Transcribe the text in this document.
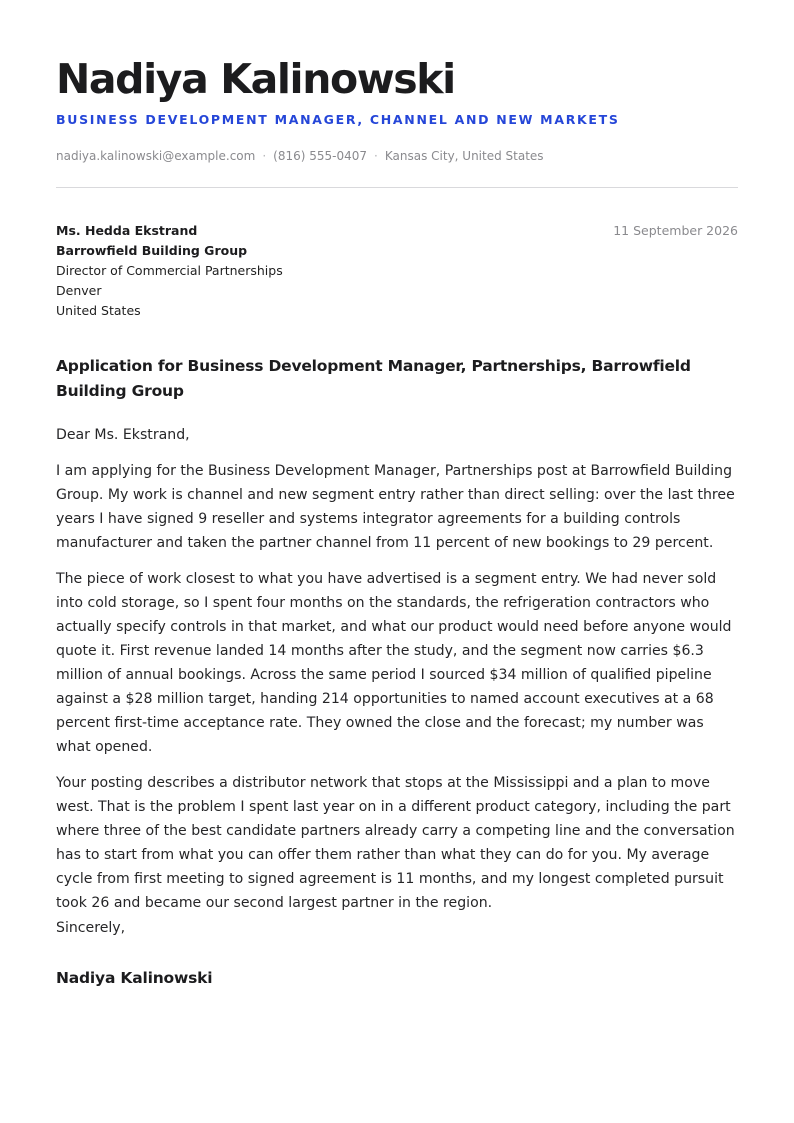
Nadiya Kalinowski
BUSINESS DEVELOPMENT MANAGER, CHANNEL AND NEW MARKETS
nadiya.kalinowski@example.com · (816) 555-0407 · Kansas City, United States
Ms. Hedda Ekstrand
Barrowfield Building Group
Director of Commercial Partnerships
Denver
United States
11 September 2026
Application for Business Development Manager, Partnerships, Barrowfield Building Group

Dear Ms. Ekstrand,

I am applying for the Business Development Manager, Partnerships post at Barrowfield Building Group. My work is channel and new segment entry rather than direct selling: over the last three years I have signed 9 reseller and systems integrator agreements for a building controls manufacturer and taken the partner channel from 11 percent of new bookings to 29 percent.

The piece of work closest to what you have advertised is a segment entry. We had never sold into cold storage, so I spent four months on the standards, the refrigeration contractors who actually specify controls in that market, and what our product would need before anyone would quote it. First revenue landed 14 months after the study, and the segment now carries $6.3 million of annual bookings. Across the same period I sourced $34 million of qualified pipeline against a $28 million target, handing 214 opportunities to named account executives at a 68 percent first-time acceptance rate. They owned the close and the forecast; my number was what opened.

Your posting describes a distributor network that stops at the Mississippi and a plan to move west. That is the problem I spent last year on in a different product category, including the part where three of the best candidate partners already carry a competing line and the conversation has to start from what you can offer them rather than what they can do for you. My average cycle from first meeting to signed agreement is 11 months, and my longest completed pursuit took 26 and became our second largest partner in the region.

Sincerely,
Nadiya Kalinowski
